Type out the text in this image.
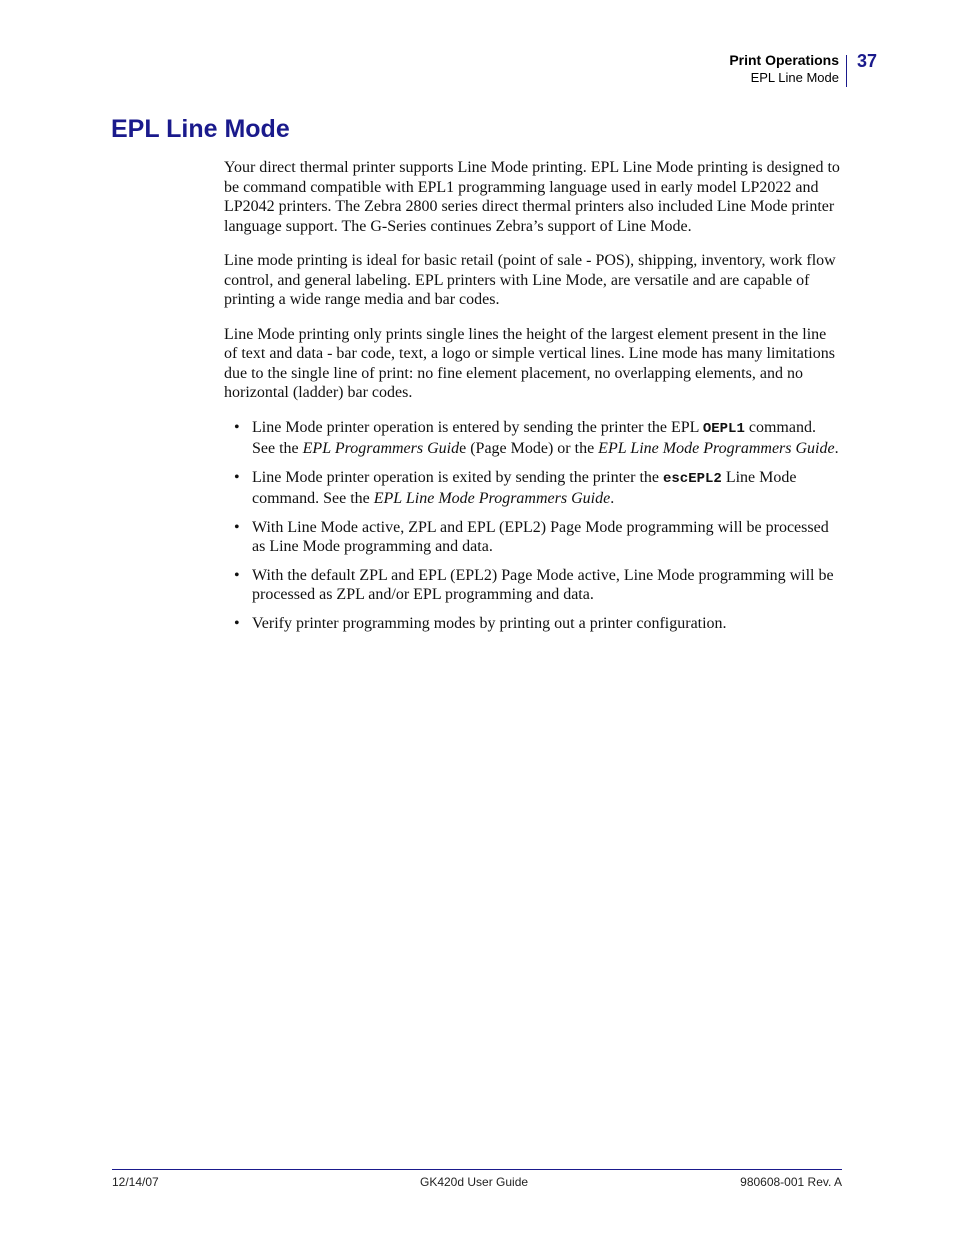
Print Operations
EPL Line Mode
37
EPL Line Mode

Your direct thermal printer supports Line Mode printing. EPL Line Mode printing is designed to be command compatible with EPL1 programming language used in early model LP2022 and LP2042 printers. The Zebra 2800 series direct thermal printers also included Line Mode printer language support. The G-Series continues Zebra’s support of Line Mode.

Line mode printing is ideal for basic retail (point of sale - POS), shipping, inventory, work flow control, and general labeling. EPL printers with Line Mode, are versatile and are capable of printing a wide range media and bar codes.

Line Mode printing only prints single lines the height of the largest element present in the line of text and data - bar code, text, a logo or simple vertical lines. Line mode has many limitations due to the single line of print: no fine element placement, no overlapping elements, and no horizontal (ladder) bar codes.

• Line Mode printer operation is entered by sending the printer the EPL OEPL1 command. See the EPL Programmers Guide (Page Mode) or the EPL Line Mode Programmers Guide.
• Line Mode printer operation is exited by sending the printer the escEPL2 Line Mode command. See the EPL Line Mode Programmers Guide.
• With Line Mode active, ZPL and EPL (EPL2) Page Mode programming will be processed as Line Mode programming and data.
• With the default ZPL and EPL (EPL2) Page Mode active, Line Mode programming will be processed as ZPL and/or EPL programming and data.
• Verify printer programming modes by printing out a printer configuration.
12/14/07	GK420d User Guide	980608-001 Rev. A
